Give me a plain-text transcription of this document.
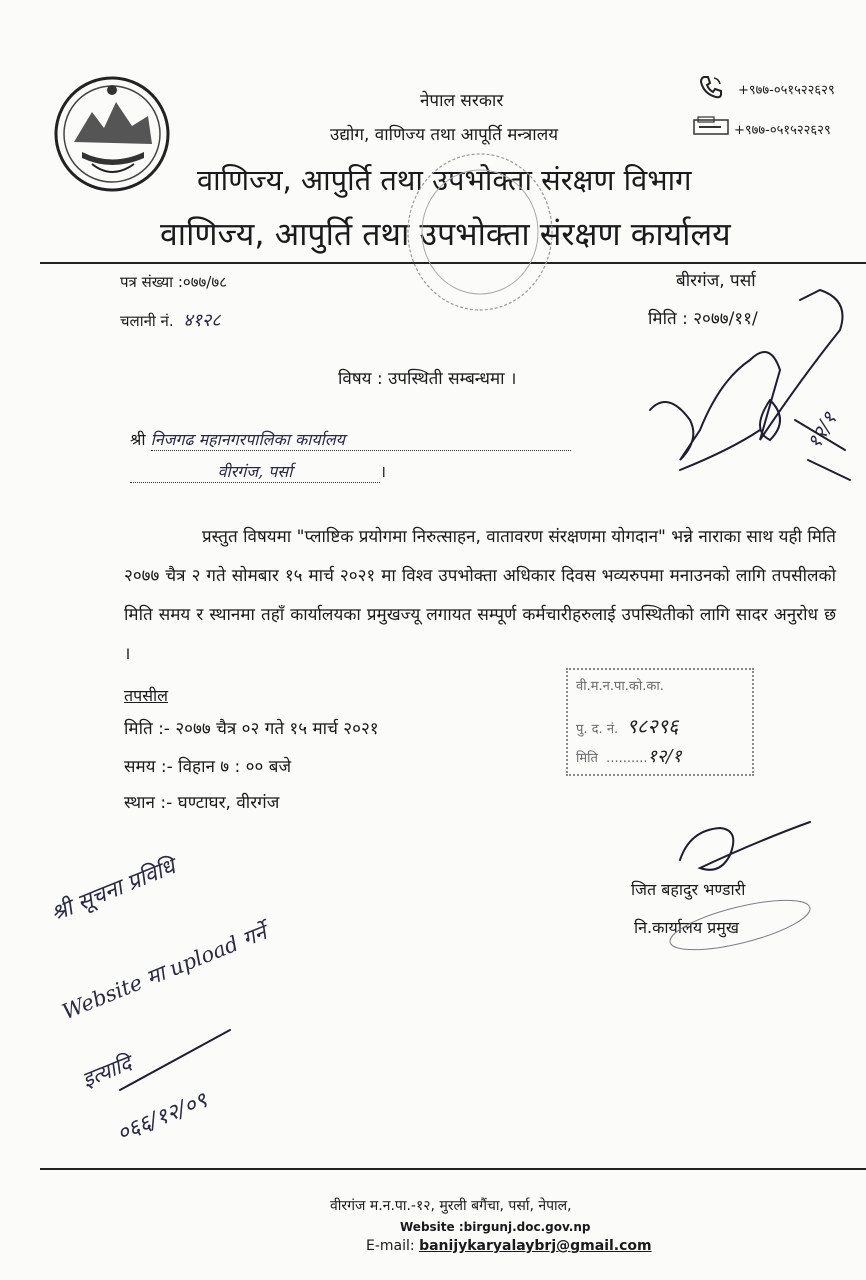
नेपाल सरकार
उद्योग, वाणिज्य तथा आपूर्ति मन्त्रालय
वाणिज्य, आपुर्ति तथा उपभोक्ता संरक्षण विभाग
वाणिज्य, आपुर्ति तथा उपभोक्ता संरक्षण कार्यालय
+९७७-०५१५२२६२९
+९७७-०५१५२२६२९
पत्र संख्या :०७७/७८
चलानी नं. ४१२८
बीरगंज, पर्सा
मिति : २०७७/११/
विषय : उपस्थिती सम्बन्धमा ।
श्री निजगढ महानगरपालिका कार्यालय
वीरगंज, पर्सा	।
प्रस्तुत विषयमा "प्लाष्टिक प्रयोगमा निरुत्साहन, वातावरण संरक्षणमा योगदान" भन्ने नाराका साथ यही मिति २०७७ चैत्र २ गते सोमबार १५ मार्च २०२१ मा विश्व उपभोक्ता अधिकार दिवस भव्यरुपमा मनाउनको लागि तपसीलको मिति समय र स्थानमा तहाँ कार्यालयका प्रमुखज्यू लगायत सम्पूर्ण कर्मचारीहरुलाई उपस्थितीको लागि सादर अनुरोध छ ।
तपसील
मिति :- २०७७ चैत्र ०२ गते १५ मार्च २०२१
समय :- विहान ७ : ०० बजे
स्थान :- घण्टाघर, वीरगंज
वी.म.न.पा.को.का.
पु. द. नं. ९८२९६
मिति  ..........१२/१
जित बहादुर भण्डारी
नि.कार्यालय प्रमुख
श्री सूचना प्रविधि
Website मा upload गर्ने
इत्यादि
०६६/१२/०९
१२/१
वीरगंज म.न.पा.-१२, मुरली बगैंचा, पर्सा, नेपाल,
Website :birgunj.doc.gov.np
E-mail: banijykaryalaybrj@gmail.com
